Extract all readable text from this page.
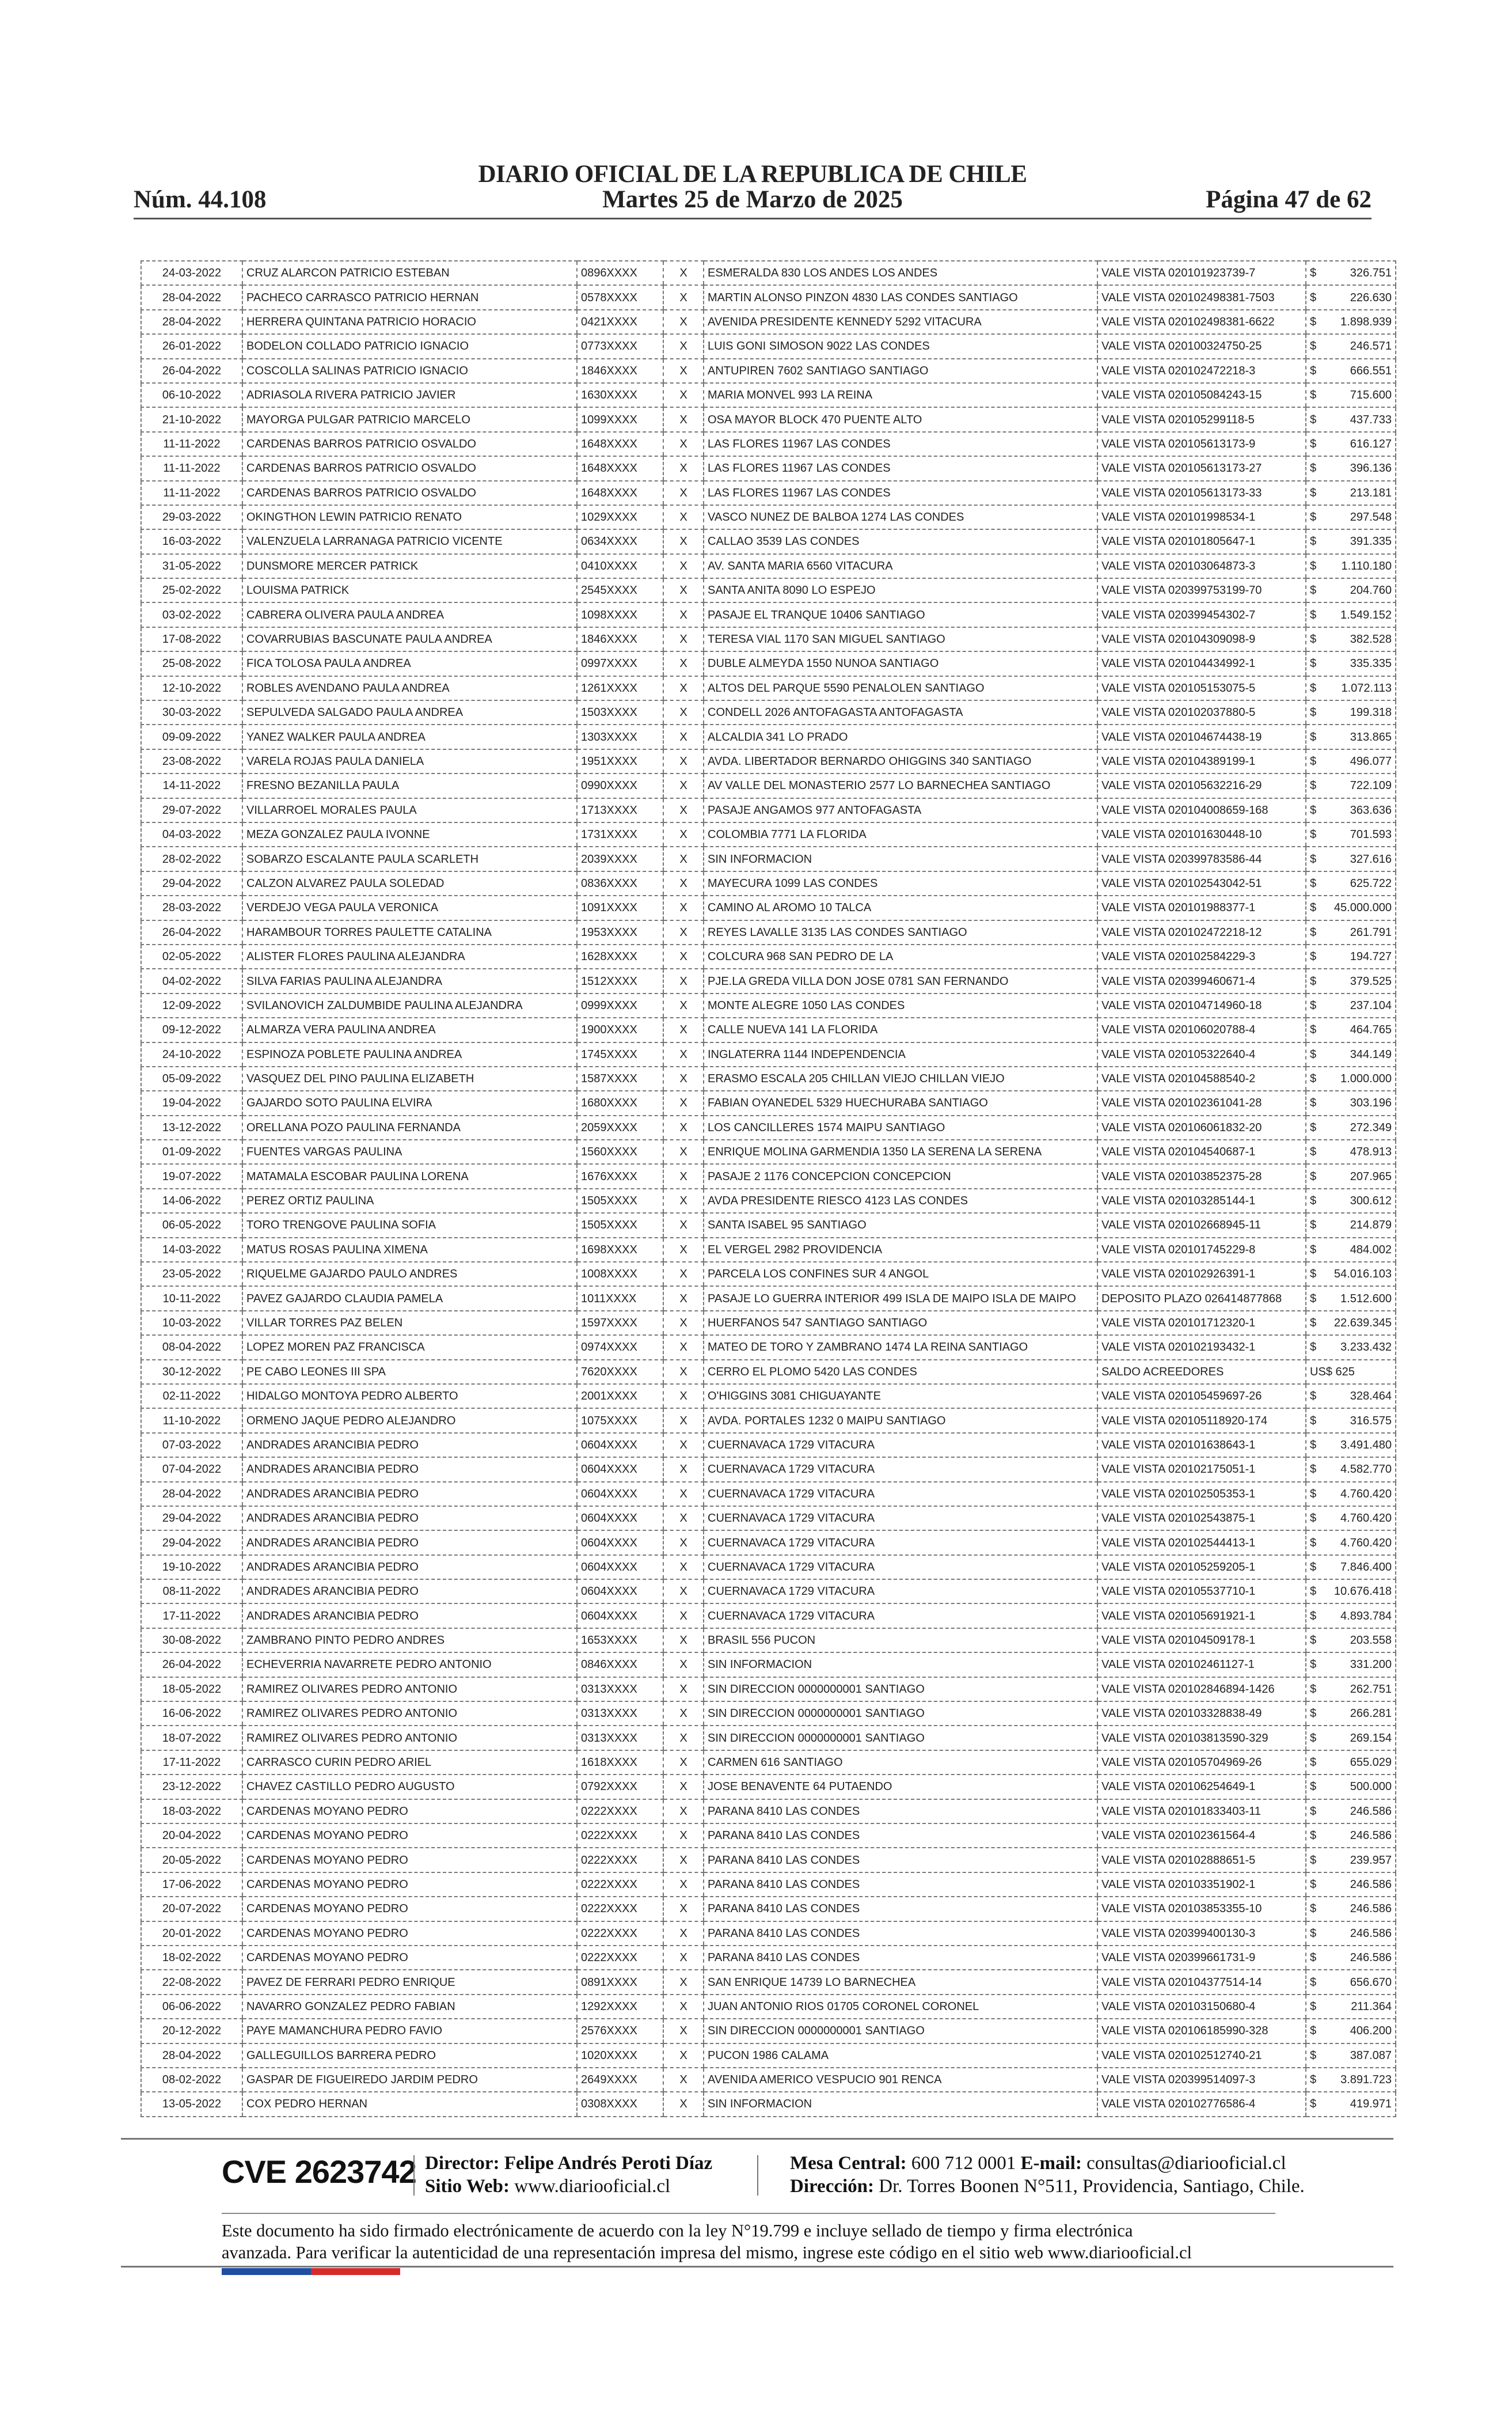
DIARIO OFICIAL DE LA REPUBLICA DE CHILE
Núm. 44.108	Martes 25 de Marzo de 2025	Página 47 de 62
24-03-2022	CRUZ ALARCON PATRICIO ESTEBAN	0896XXXX	X	ESMERALDA 830 LOS ANDES LOS ANDES	VALE VISTA 020101923739-7	$ 326.751

28-04-2022	PACHECO CARRASCO PATRICIO HERNAN	0578XXXX	X	MARTIN ALONSO PINZON 4830 LAS CONDES SANTIAGO	VALE VISTA 020102498381-7503	$ 226.630

28-04-2022	HERRERA QUINTANA PATRICIO HORACIO	0421XXXX	X	AVENIDA PRESIDENTE KENNEDY 5292 VITACURA	VALE VISTA 020102498381-6622	$ 1.898.939

26-01-2022	BODELON COLLADO PATRICIO IGNACIO	0773XXXX	X	LUIS GONI SIMOSON 9022 LAS CONDES	VALE VISTA 020100324750-25	$ 246.571

26-04-2022	COSCOLLA SALINAS PATRICIO IGNACIO	1846XXXX	X	ANTUPIREN 7602 SANTIAGO SANTIAGO	VALE VISTA 020102472218-3	$ 666.551

06-10-2022	ADRIASOLA RIVERA PATRICIO JAVIER	1630XXXX	X	MARIA MONVEL 993 LA REINA	VALE VISTA 020105084243-15	$ 715.600

21-10-2022	MAYORGA PULGAR PATRICIO MARCELO	1099XXXX	X	OSA MAYOR BLOCK 470 PUENTE ALTO	VALE VISTA 020105299118-5	$ 437.733

11-11-2022	CARDENAS BARROS PATRICIO OSVALDO	1648XXXX	X	LAS FLORES 11967 LAS CONDES	VALE VISTA 020105613173-9	$ 616.127

11-11-2022	CARDENAS BARROS PATRICIO OSVALDO	1648XXXX	X	LAS FLORES 11967 LAS CONDES	VALE VISTA 020105613173-27	$ 396.136

11-11-2022	CARDENAS BARROS PATRICIO OSVALDO	1648XXXX	X	LAS FLORES 11967 LAS CONDES	VALE VISTA 020105613173-33	$ 213.181

29-03-2022	OKINGTHON LEWIN PATRICIO RENATO	1029XXXX	X	VASCO NUNEZ DE BALBOA 1274 LAS CONDES	VALE VISTA 020101998534-1	$ 297.548

16-03-2022	VALENZUELA LARRANAGA PATRICIO VICENTE	0634XXXX	X	CALLAO 3539 LAS CONDES	VALE VISTA 020101805647-1	$ 391.335

31-05-2022	DUNSMORE MERCER PATRICK	0410XXXX	X	AV. SANTA MARIA 6560 VITACURA	VALE VISTA 020103064873-3	$ 1.110.180

25-02-2022	LOUISMA PATRICK	2545XXXX	X	SANTA ANITA 8090 LO ESPEJO	VALE VISTA 020399753199-70	$ 204.760

03-02-2022	CABRERA OLIVERA PAULA ANDREA	1098XXXX	X	PASAJE EL TRANQUE 10406 SANTIAGO	VALE VISTA 020399454302-7	$ 1.549.152

17-08-2022	COVARRUBIAS BASCUNATE PAULA ANDREA	1846XXXX	X	TERESA VIAL 1170 SAN MIGUEL SANTIAGO	VALE VISTA 020104309098-9	$ 382.528

25-08-2022	FICA TOLOSA PAULA ANDREA	0997XXXX	X	DUBLE ALMEYDA 1550 NUNOA SANTIAGO	VALE VISTA 020104434992-1	$ 335.335

12-10-2022	ROBLES AVENDANO PAULA ANDREA	1261XXXX	X	ALTOS DEL PARQUE 5590 PENALOLEN SANTIAGO	VALE VISTA 020105153075-5	$ 1.072.113

30-03-2022	SEPULVEDA SALGADO PAULA ANDREA	1503XXXX	X	CONDELL 2026 ANTOFAGASTA ANTOFAGASTA	VALE VISTA 020102037880-5	$ 199.318

09-09-2022	YANEZ WALKER PAULA ANDREA	1303XXXX	X	ALCALDIA 341 LO PRADO	VALE VISTA 020104674438-19	$ 313.865

23-08-2022	VARELA ROJAS PAULA DANIELA	1951XXXX	X	AVDA. LIBERTADOR BERNARDO OHIGGINS 340 SANTIAGO	VALE VISTA 020104389199-1	$ 496.077

14-11-2022	FRESNO BEZANILLA PAULA	0990XXXX	X	AV VALLE DEL MONASTERIO 2577 LO BARNECHEA SANTIAGO	VALE VISTA 020105632216-29	$ 722.109

29-07-2022	VILLARROEL MORALES PAULA	1713XXXX	X	PASAJE ANGAMOS 977 ANTOFAGASTA	VALE VISTA 020104008659-168	$ 363.636

04-03-2022	MEZA GONZALEZ PAULA IVONNE	1731XXXX	X	COLOMBIA 7771 LA FLORIDA	VALE VISTA 020101630448-10	$ 701.593

28-02-2022	SOBARZO ESCALANTE PAULA SCARLETH	2039XXXX	X	SIN INFORMACION	VALE VISTA 020399783586-44	$ 327.616

29-04-2022	CALZON ALVAREZ PAULA SOLEDAD	0836XXXX	X	MAYECURA 1099 LAS CONDES	VALE VISTA 020102543042-51	$ 625.722

28-03-2022	VERDEJO VEGA PAULA VERONICA	1091XXXX	X	CAMINO AL AROMO 10 TALCA	VALE VISTA 020101988377-1	$ 45.000.000

26-04-2022	HARAMBOUR TORRES PAULETTE CATALINA	1953XXXX	X	REYES LAVALLE 3135 LAS CONDES SANTIAGO	VALE VISTA 020102472218-12	$ 261.791

02-05-2022	ALISTER FLORES PAULINA ALEJANDRA	1628XXXX	X	COLCURA 968 SAN PEDRO DE LA	VALE VISTA 020102584229-3	$ 194.727

04-02-2022	SILVA FARIAS PAULINA ALEJANDRA	1512XXXX	X	PJE.LA GREDA VILLA DON JOSE 0781 SAN FERNANDO	VALE VISTA 020399460671-4	$ 379.525

12-09-2022	SVILANOVICH ZALDUMBIDE PAULINA ALEJANDRA	0999XXXX	X	MONTE ALEGRE 1050 LAS CONDES	VALE VISTA 020104714960-18	$ 237.104

09-12-2022	ALMARZA VERA PAULINA ANDREA	1900XXXX	X	CALLE NUEVA 141 LA FLORIDA	VALE VISTA 020106020788-4	$ 464.765

24-10-2022	ESPINOZA POBLETE PAULINA ANDREA	1745XXXX	X	INGLATERRA 1144 INDEPENDENCIA	VALE VISTA 020105322640-4	$ 344.149

05-09-2022	VASQUEZ DEL PINO PAULINA ELIZABETH	1587XXXX	X	ERASMO ESCALA 205 CHILLAN VIEJO CHILLAN VIEJO	VALE VISTA 020104588540-2	$ 1.000.000

19-04-2022	GAJARDO SOTO PAULINA ELVIRA	1680XXXX	X	FABIAN OYANEDEL 5329 HUECHURABA SANTIAGO	VALE VISTA 020102361041-28	$ 303.196

13-12-2022	ORELLANA POZO PAULINA FERNANDA	2059XXXX	X	LOS CANCILLERES 1574 MAIPU SANTIAGO	VALE VISTA 020106061832-20	$ 272.349

01-09-2022	FUENTES VARGAS PAULINA	1560XXXX	X	ENRIQUE MOLINA GARMENDIA 1350 LA SERENA LA SERENA	VALE VISTA 020104540687-1	$ 478.913

19-07-2022	MATAMALA ESCOBAR PAULINA LORENA	1676XXXX	X	PASAJE 2 1176 CONCEPCION CONCEPCION	VALE VISTA 020103852375-28	$ 207.965

14-06-2022	PEREZ ORTIZ PAULINA	1505XXXX	X	AVDA PRESIDENTE RIESCO 4123 LAS CONDES	VALE VISTA 020103285144-1	$ 300.612

06-05-2022	TORO TRENGOVE PAULINA SOFIA	1505XXXX	X	SANTA ISABEL 95 SANTIAGO	VALE VISTA 020102668945-11	$ 214.879

14-03-2022	MATUS ROSAS PAULINA XIMENA	1698XXXX	X	EL VERGEL 2982 PROVIDENCIA	VALE VISTA 020101745229-8	$ 484.002

23-05-2022	RIQUELME GAJARDO PAULO ANDRES	1008XXXX	X	PARCELA LOS CONFINES SUR 4 ANGOL	VALE VISTA 020102926391-1	$ 54.016.103

10-11-2022	PAVEZ GAJARDO CLAUDIA PAMELA	1011XXXX	X	PASAJE LO GUERRA INTERIOR 499 ISLA DE MAIPO ISLA DE MAIPO	DEPOSITO PLAZO 026414877868	$ 1.512.600

10-03-2022	VILLAR TORRES PAZ BELEN	1597XXXX	X	HUERFANOS 547 SANTIAGO SANTIAGO	VALE VISTA 020101712320-1	$ 22.639.345

08-04-2022	LOPEZ MOREN PAZ FRANCISCA	0974XXXX	X	MATEO DE TORO Y ZAMBRANO 1474 LA REINA SANTIAGO	VALE VISTA 020102193432-1	$ 3.233.432

30-12-2022	PE CABO LEONES III SPA	7620XXXX	X	CERRO EL PLOMO 5420 LAS CONDES	SALDO ACREEDORES	US$ 625

02-11-2022	HIDALGO MONTOYA PEDRO ALBERTO	2001XXXX	X	O'HIGGINS 3081 CHIGUAYANTE	VALE VISTA 020105459697-26	$ 328.464

11-10-2022	ORMENO JAQUE PEDRO ALEJANDRO	1075XXXX	X	AVDA. PORTALES 1232 0 MAIPU SANTIAGO	VALE VISTA 020105118920-174	$ 316.575

07-03-2022	ANDRADES ARANCIBIA PEDRO	0604XXXX	X	CUERNAVACA 1729 VITACURA	VALE VISTA 020101638643-1	$ 3.491.480

07-04-2022	ANDRADES ARANCIBIA PEDRO	0604XXXX	X	CUERNAVACA 1729 VITACURA	VALE VISTA 020102175051-1	$ 4.582.770

28-04-2022	ANDRADES ARANCIBIA PEDRO	0604XXXX	X	CUERNAVACA 1729 VITACURA	VALE VISTA 020102505353-1	$ 4.760.420

29-04-2022	ANDRADES ARANCIBIA PEDRO	0604XXXX	X	CUERNAVACA 1729 VITACURA	VALE VISTA 020102543875-1	$ 4.760.420

29-04-2022	ANDRADES ARANCIBIA PEDRO	0604XXXX	X	CUERNAVACA 1729 VITACURA	VALE VISTA 020102544413-1	$ 4.760.420

19-10-2022	ANDRADES ARANCIBIA PEDRO	0604XXXX	X	CUERNAVACA 1729 VITACURA	VALE VISTA 020105259205-1	$ 7.846.400

08-11-2022	ANDRADES ARANCIBIA PEDRO	0604XXXX	X	CUERNAVACA 1729 VITACURA	VALE VISTA 020105537710-1	$ 10.676.418

17-11-2022	ANDRADES ARANCIBIA PEDRO	0604XXXX	X	CUERNAVACA 1729 VITACURA	VALE VISTA 020105691921-1	$ 4.893.784

30-08-2022	ZAMBRANO PINTO PEDRO ANDRES	1653XXXX	X	BRASIL 556 PUCON	VALE VISTA 020104509178-1	$ 203.558

26-04-2022	ECHEVERRIA NAVARRETE PEDRO ANTONIO	0846XXXX	X	SIN INFORMACION	VALE VISTA 020102461127-1	$ 331.200

18-05-2022	RAMIREZ OLIVARES PEDRO ANTONIO	0313XXXX	X	SIN DIRECCION 0000000001 SANTIAGO	VALE VISTA 020102846894-1426	$ 262.751

16-06-2022	RAMIREZ OLIVARES PEDRO ANTONIO	0313XXXX	X	SIN DIRECCION 0000000001 SANTIAGO	VALE VISTA 020103328838-49	$ 266.281

18-07-2022	RAMIREZ OLIVARES PEDRO ANTONIO	0313XXXX	X	SIN DIRECCION 0000000001 SANTIAGO	VALE VISTA 020103813590-329	$ 269.154

17-11-2022	CARRASCO CURIN PEDRO ARIEL	1618XXXX	X	CARMEN 616 SANTIAGO	VALE VISTA 020105704969-26	$ 655.029

23-12-2022	CHAVEZ CASTILLO PEDRO AUGUSTO	0792XXXX	X	JOSE BENAVENTE 64 PUTAENDO	VALE VISTA 020106254649-1	$ 500.000

18-03-2022	CARDENAS MOYANO PEDRO	0222XXXX	X	PARANA 8410 LAS CONDES	VALE VISTA 020101833403-11	$ 246.586

20-04-2022	CARDENAS MOYANO PEDRO	0222XXXX	X	PARANA 8410 LAS CONDES	VALE VISTA 020102361564-4	$ 246.586

20-05-2022	CARDENAS MOYANO PEDRO	0222XXXX	X	PARANA 8410 LAS CONDES	VALE VISTA 020102888651-5	$ 239.957

17-06-2022	CARDENAS MOYANO PEDRO	0222XXXX	X	PARANA 8410 LAS CONDES	VALE VISTA 020103351902-1	$ 246.586

20-07-2022	CARDENAS MOYANO PEDRO	0222XXXX	X	PARANA 8410 LAS CONDES	VALE VISTA 020103853355-10	$ 246.586

20-01-2022	CARDENAS MOYANO PEDRO	0222XXXX	X	PARANA 8410 LAS CONDES	VALE VISTA 020399400130-3	$ 246.586

18-02-2022	CARDENAS MOYANO PEDRO	0222XXXX	X	PARANA 8410 LAS CONDES	VALE VISTA 020399661731-9	$ 246.586

22-08-2022	PAVEZ DE FERRARI PEDRO ENRIQUE	0891XXXX	X	SAN ENRIQUE 14739 LO BARNECHEA	VALE VISTA 020104377514-14	$ 656.670

06-06-2022	NAVARRO GONZALEZ PEDRO FABIAN	1292XXXX	X	JUAN ANTONIO RIOS 01705 CORONEL CORONEL	VALE VISTA 020103150680-4	$ 211.364

20-12-2022	PAYE MAMANCHURA PEDRO FAVIO	2576XXXX	X	SIN DIRECCION 0000000001 SANTIAGO	VALE VISTA 020106185990-328	$ 406.200

28-04-2022	GALLEGUILLOS BARRERA PEDRO	1020XXXX	X	PUCON 1986 CALAMA	VALE VISTA 020102512740-21	$ 387.087

08-02-2022	GASPAR DE FIGUEIREDO JARDIM PEDRO	2649XXXX	X	AVENIDA AMERICO VESPUCIO 901 RENCA	VALE VISTA 020399514097-3	$ 3.891.723

13-05-2022	COX PEDRO HERNAN	0308XXXX	X	SIN INFORMACION	VALE VISTA 020102776586-4	$ 419.971
CVE 2623742 Director: Felipe Andrés Peroti Díaz
Sitio Web: www.diariooficial.cl
Mesa Central: 600 712 0001 E-mail: consultas@diariooficial.cl
Dirección: Dr. Torres Boonen N°511, Providencia, Santiago, Chile.
Este documento ha sido firmado electrónicamente de acuerdo con la ley N°19.799 e incluye sellado de tiempo y firma electrónica
avanzada. Para verificar la autenticidad de una representación impresa del mismo, ingrese este código en el sitio web www.diariooficial.cl
